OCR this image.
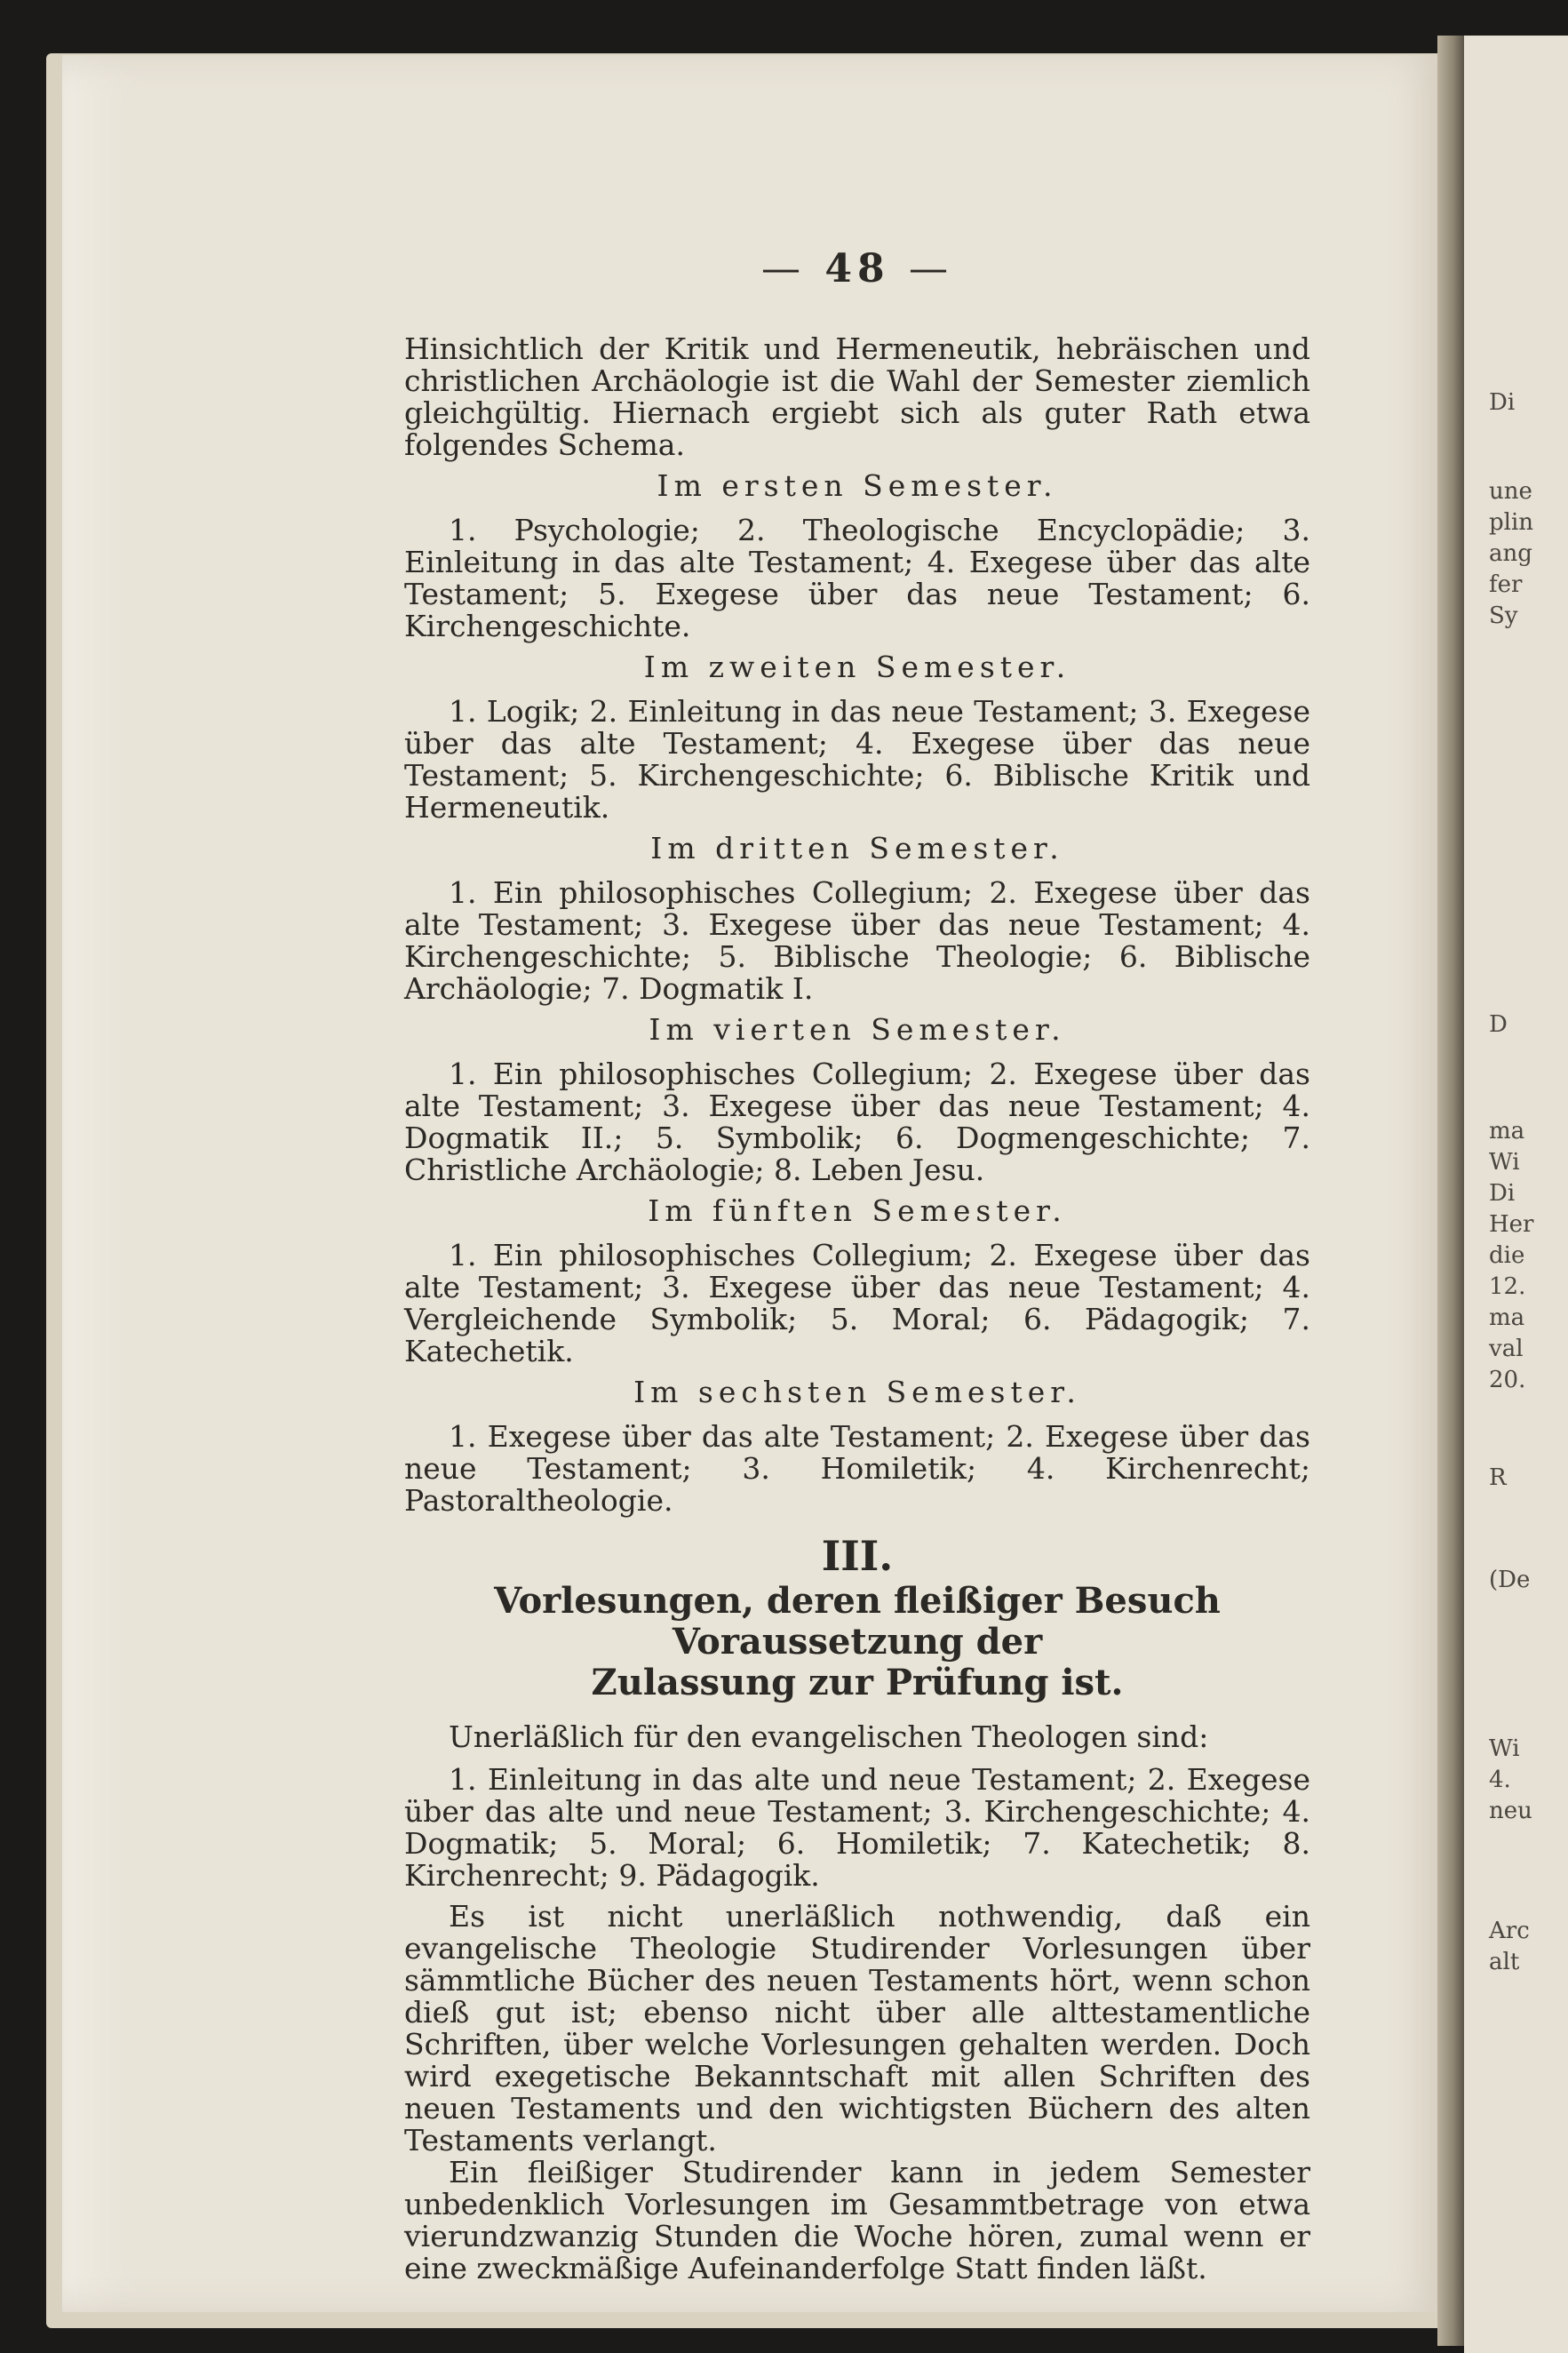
Di
une
plin
ang
fer
Sy
D
ma
Wi
Di
Her
die
12.
ma
val
20.
R
(De
Wi
4.
neu
Arc
alt
— 48 —

Hinsichtlich der Kritik und Hermeneutik, hebräischen und christlichen Archäologie ist die Wahl der Semester ziemlich gleichgültig. Hiernach ergiebt sich als guter Rath etwa folgendes Schema.

Im ersten Semester.

1. Psychologie; 2. Theologische Encyclopädie; 3. Einleitung in das alte Testament; 4. Exegese über das alte Testament; 5. Exegese über das neue Testament; 6. Kirchengeschichte.

Im zweiten Semester.

1. Logik; 2. Einleitung in das neue Testament; 3. Exegese über das alte Testament; 4. Exegese über das neue Testament; 5. Kirchengeschichte; 6. Biblische Kritik und Hermeneutik.

Im dritten Semester.

1. Ein philosophisches Collegium; 2. Exegese über das alte Testament; 3. Exegese über das neue Testament; 4. Kirchengeschichte; 5. Biblische Theologie; 6. Biblische Archäologie; 7. Dogmatik I.

Im vierten Semester.

1. Ein philosophisches Collegium; 2. Exegese über das alte Testament; 3. Exegese über das neue Testament; 4. Dogmatik II.; 5. Symbolik; 6. Dogmengeschichte; 7. Christliche Archäologie; 8. Leben Jesu.

Im fünften Semester.

1. Ein philosophisches Collegium; 2. Exegese über das alte Testament; 3. Exegese über das neue Testament; 4. Vergleichende Symbolik; 5. Moral; 6. Pädagogik; 7. Katechetik.

Im sechsten Semester.

1. Exegese über das alte Testament; 2. Exegese über das neue Testament; 3. Homiletik; 4. Kirchenrecht; Pastoraltheologie.

III.
Vorlesungen, deren fleißiger Besuch Voraussetzung der
Zulassung zur Prüfung ist.

Unerläßlich für den evangelischen Theologen sind:

1. Einleitung in das alte und neue Testament; 2. Exegese über das alte und neue Testament; 3. Kirchengeschichte; 4. Dogmatik; 5. Moral; 6. Homiletik; 7. Katechetik; 8. Kirchenrecht; 9. Pädagogik.

Es ist nicht unerläßlich nothwendig, daß ein evangelische Theologie Studirender Vorlesungen über sämmtliche Bücher des neuen Testaments hört, wenn schon dieß gut ist; ebenso nicht über alle alttestamentliche Schriften, über welche Vorlesungen gehalten werden. Doch wird exegetische Bekanntschaft mit allen Schriften des neuen Testaments und den wichtigsten Büchern des alten Testaments verlangt.

Ein fleißiger Studirender kann in jedem Semester unbedenklich Vorlesungen im Gesammtbetrage von etwa vierundzwanzig Stunden die Woche hören, zumal wenn er eine zweckmäßige Aufeinanderfolge Statt finden läßt.
